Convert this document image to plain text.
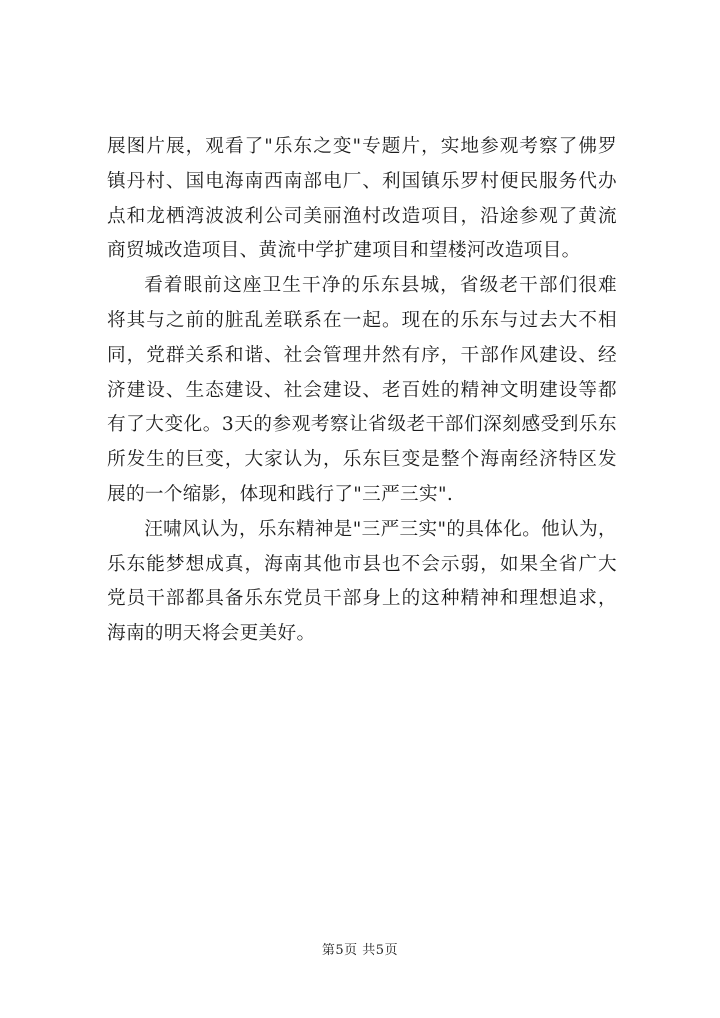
展图片展，观看了"乐东之变"专题片，实地参观考察了佛罗镇丹村、国电海南西南部电厂、利国镇乐罗村便民服务代办点和龙栖湾波波利公司美丽渔村改造项目，沿途参观了黄流商贸城改造项目、黄流中学扩建项目和望楼河改造项目。

看着眼前这座卫生干净的乐东县城，省级老干部们很难将其与之前的脏乱差联系在一起。现在的乐东与过去大不相同，党群关系和谐、社会管理井然有序，干部作风建设、经济建设、生态建设、社会建设、老百姓的精神文明建设等都有了大变化。3天的参观考察让省级老干部们深刻感受到乐东所发生的巨变，大家认为，乐东巨变是整个海南经济特区发展的一个缩影，体现和践行了"三严三实".

汪啸风认为，乐东精神是"三严三实"的具体化。他认为，乐东能梦想成真，海南其他市县也不会示弱，如果全省广大党员干部都具备乐东党员干部身上的这种精神和理想追求，海南的明天将会更美好。

第5页 共5页
